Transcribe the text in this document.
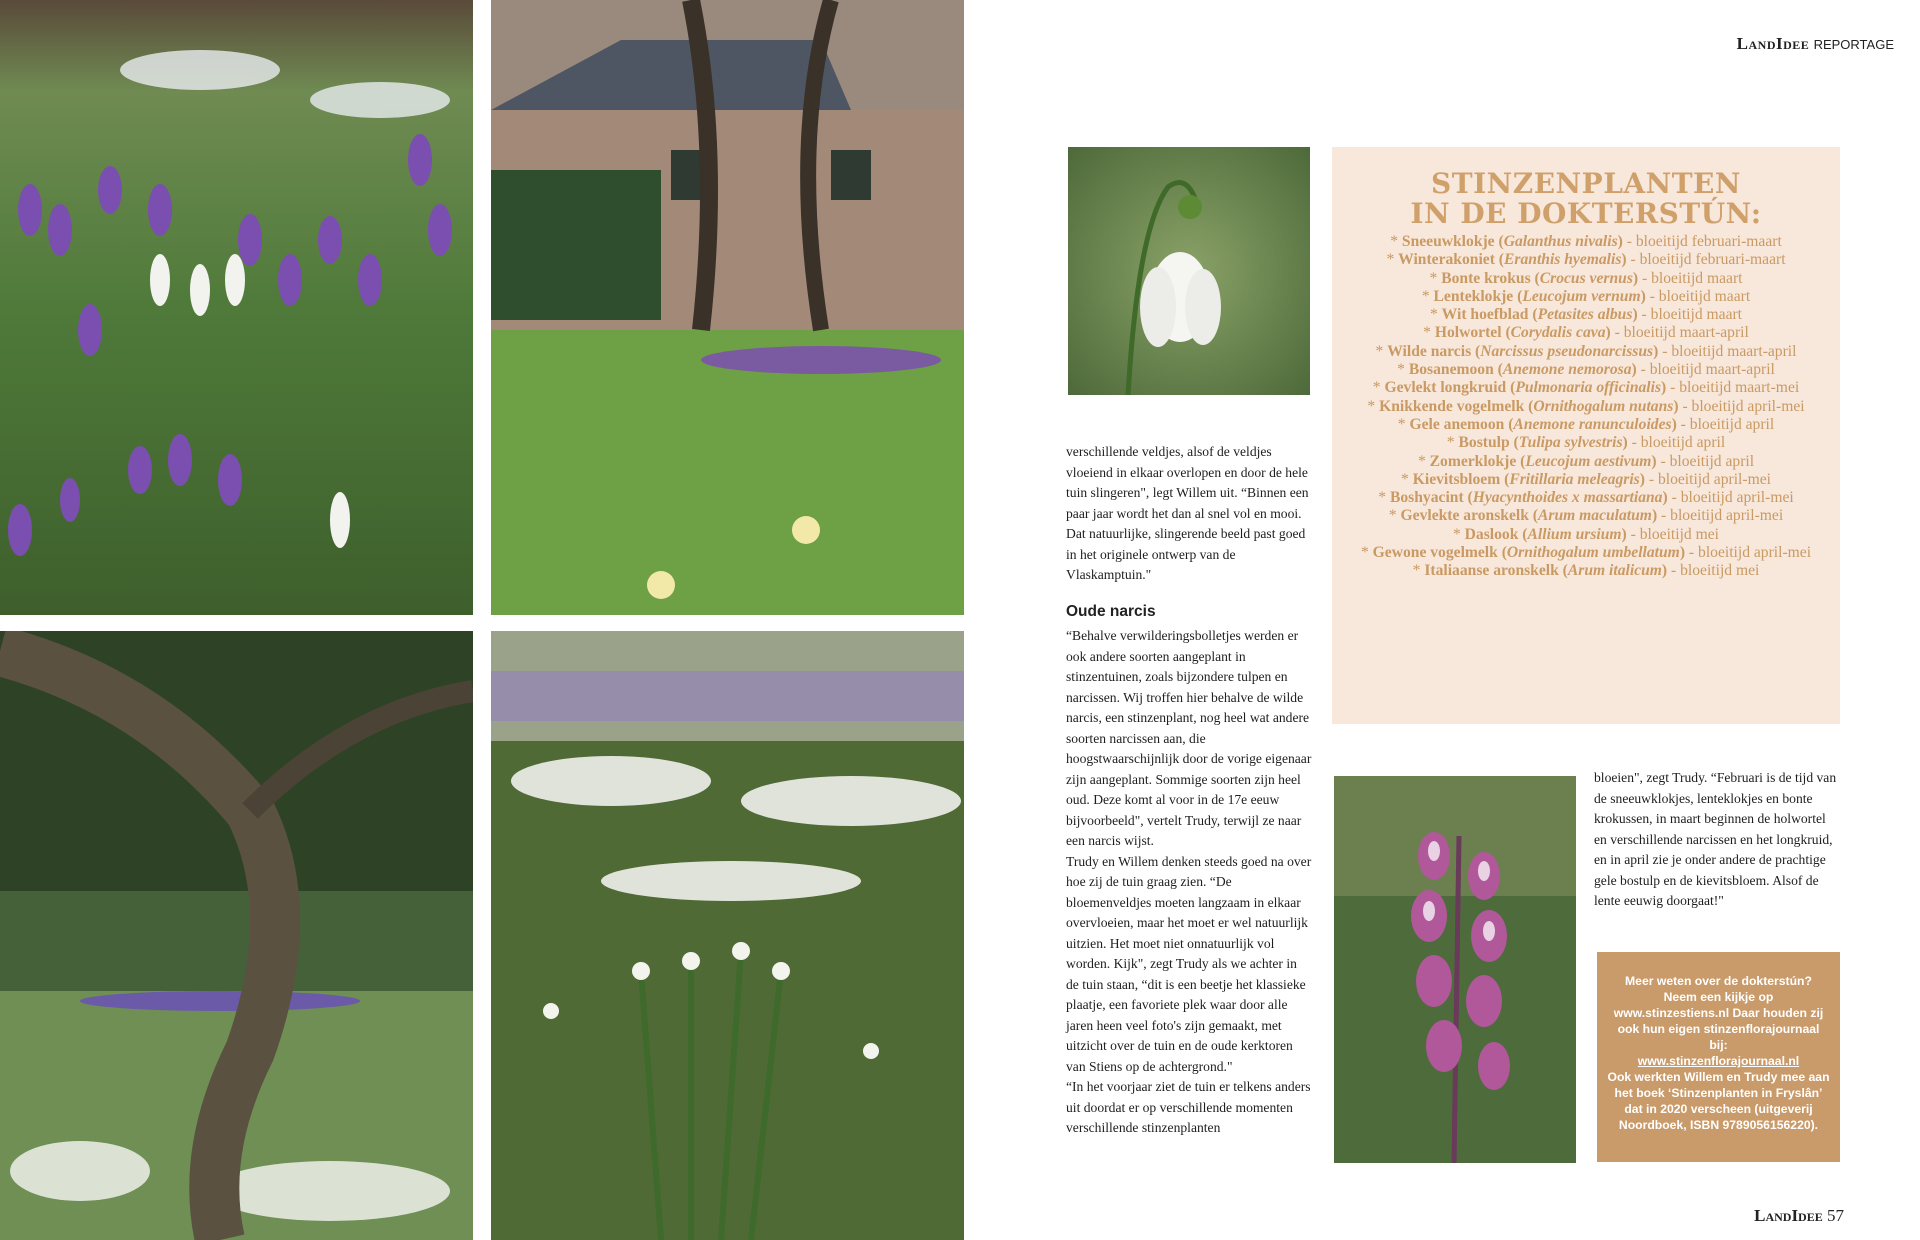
LandIdee REPORTAGE
STINZENPLANTEN
IN DE DOKTERSTÚN:
* Sneeuwklokje (Galanthus nivalis) - bloeitijd februari-maart
* Winterakoniet (Eranthis hyemalis) - bloeitijd februari-maart
* Bonte krokus (Crocus vernus) - bloeitijd maart
* Lenteklokje (Leucojum vernum) - bloeitijd maart
* Wit hoefblad (Petasites albus) - bloeitijd maart
* Holwortel (Corydalis cava) - bloeitijd maart-april
* Wilde narcis (Narcissus pseudonarcissus) - bloeitijd maart-april
* Bosanemoon (Anemone nemorosa) - bloeitijd maart-april
* Gevlekt longkruid (Pulmonaria officinalis) - bloeitijd maart-mei
* Knikkende vogelmelk (Ornithogalum nutans) - bloeitijd april-mei
* Gele anemoon (Anemone ranunculoides) - bloeitijd april
* Bostulp (Tulipa sylvestris) - bloeitijd april
* Zomerklokje (Leucojum aestivum) - bloeitijd april
* Kievitsbloem (Fritillaria meleagris) - bloeitijd april-mei
* Boshyacint (Hyacynthoides x massartiana) - bloeitijd april-mei
* Gevlekte aronskelk (Arum maculatum) - bloeitijd april-mei
* Daslook (Allium ursium) - bloeitijd mei
* Gewone vogelmelk (Ornithogalum umbellatum) - bloeitijd april-mei
* Italiaanse aronskelk (Arum italicum) - bloeitijd mei

verschillende veldjes, alsof de veldjes vloeiend in elkaar overlopen en door de hele tuin slingeren", legt Willem uit. “Binnen een paar jaar wordt het dan al snel vol en mooi. Dat natuurlijke, slingerende beeld past goed in het originele ontwerp van de Vlaskamptuin."

Oude narcis

“Behalve verwilderingsbolletjes werden er ook andere soorten aangeplant in stinzentuinen, zoals bijzondere tulpen en narcissen. Wij troffen hier behalve de wilde narcis, een stinzenplant, nog heel wat andere soorten narcissen aan, die hoogstwaarschijnlijk door de vorige eigenaar zijn aangeplant. Sommige soorten zijn heel oud. Deze komt al voor in de 17e eeuw bijvoorbeeld", vertelt Trudy, terwijl ze naar een narcis wijst.

Trudy en Willem denken steeds goed na over hoe zij de tuin graag zien. “De bloemenveldjes moeten langzaam in elkaar overvloeien, maar het moet er wel natuurlijk uitzien. Het moet niet onnatuurlijk vol worden. Kijk", zegt Trudy als we achter in de tuin staan, “dit is een beetje het klassieke plaatje, een favoriete plek waar door alle jaren heen veel foto's zijn gemaakt, met uitzicht over de tuin en de oude kerktoren van Stiens op de achtergrond."

“In het voorjaar ziet de tuin er telkens anders uit doordat er op verschillende momenten verschillende stinzenplanten

bloeien", zegt Trudy. “Februari is de tijd van de sneeuwklokjes, lenteklokjes en bonte krokussen, in maart beginnen de holwortel en verschillende narcissen en het longkruid, en in april zie je onder andere de prachtige gele bostulp en de kievitsbloem. Alsof de lente eeuwig doorgaat!"

Meer weten over de dokterstún? Neem een kijkje op www.stinzestiens.nl Daar houden zij ook hun eigen stinzenflorajournaal bij:

www.stinzenflorajournaal.nl

Ook werkten Willem en Trudy mee aan het boek ‘Stinzenplanten in Fryslân’ dat in 2020 verscheen (uitgeverij Noordboek, ISBN 9789056156220).

LandIdee 57
